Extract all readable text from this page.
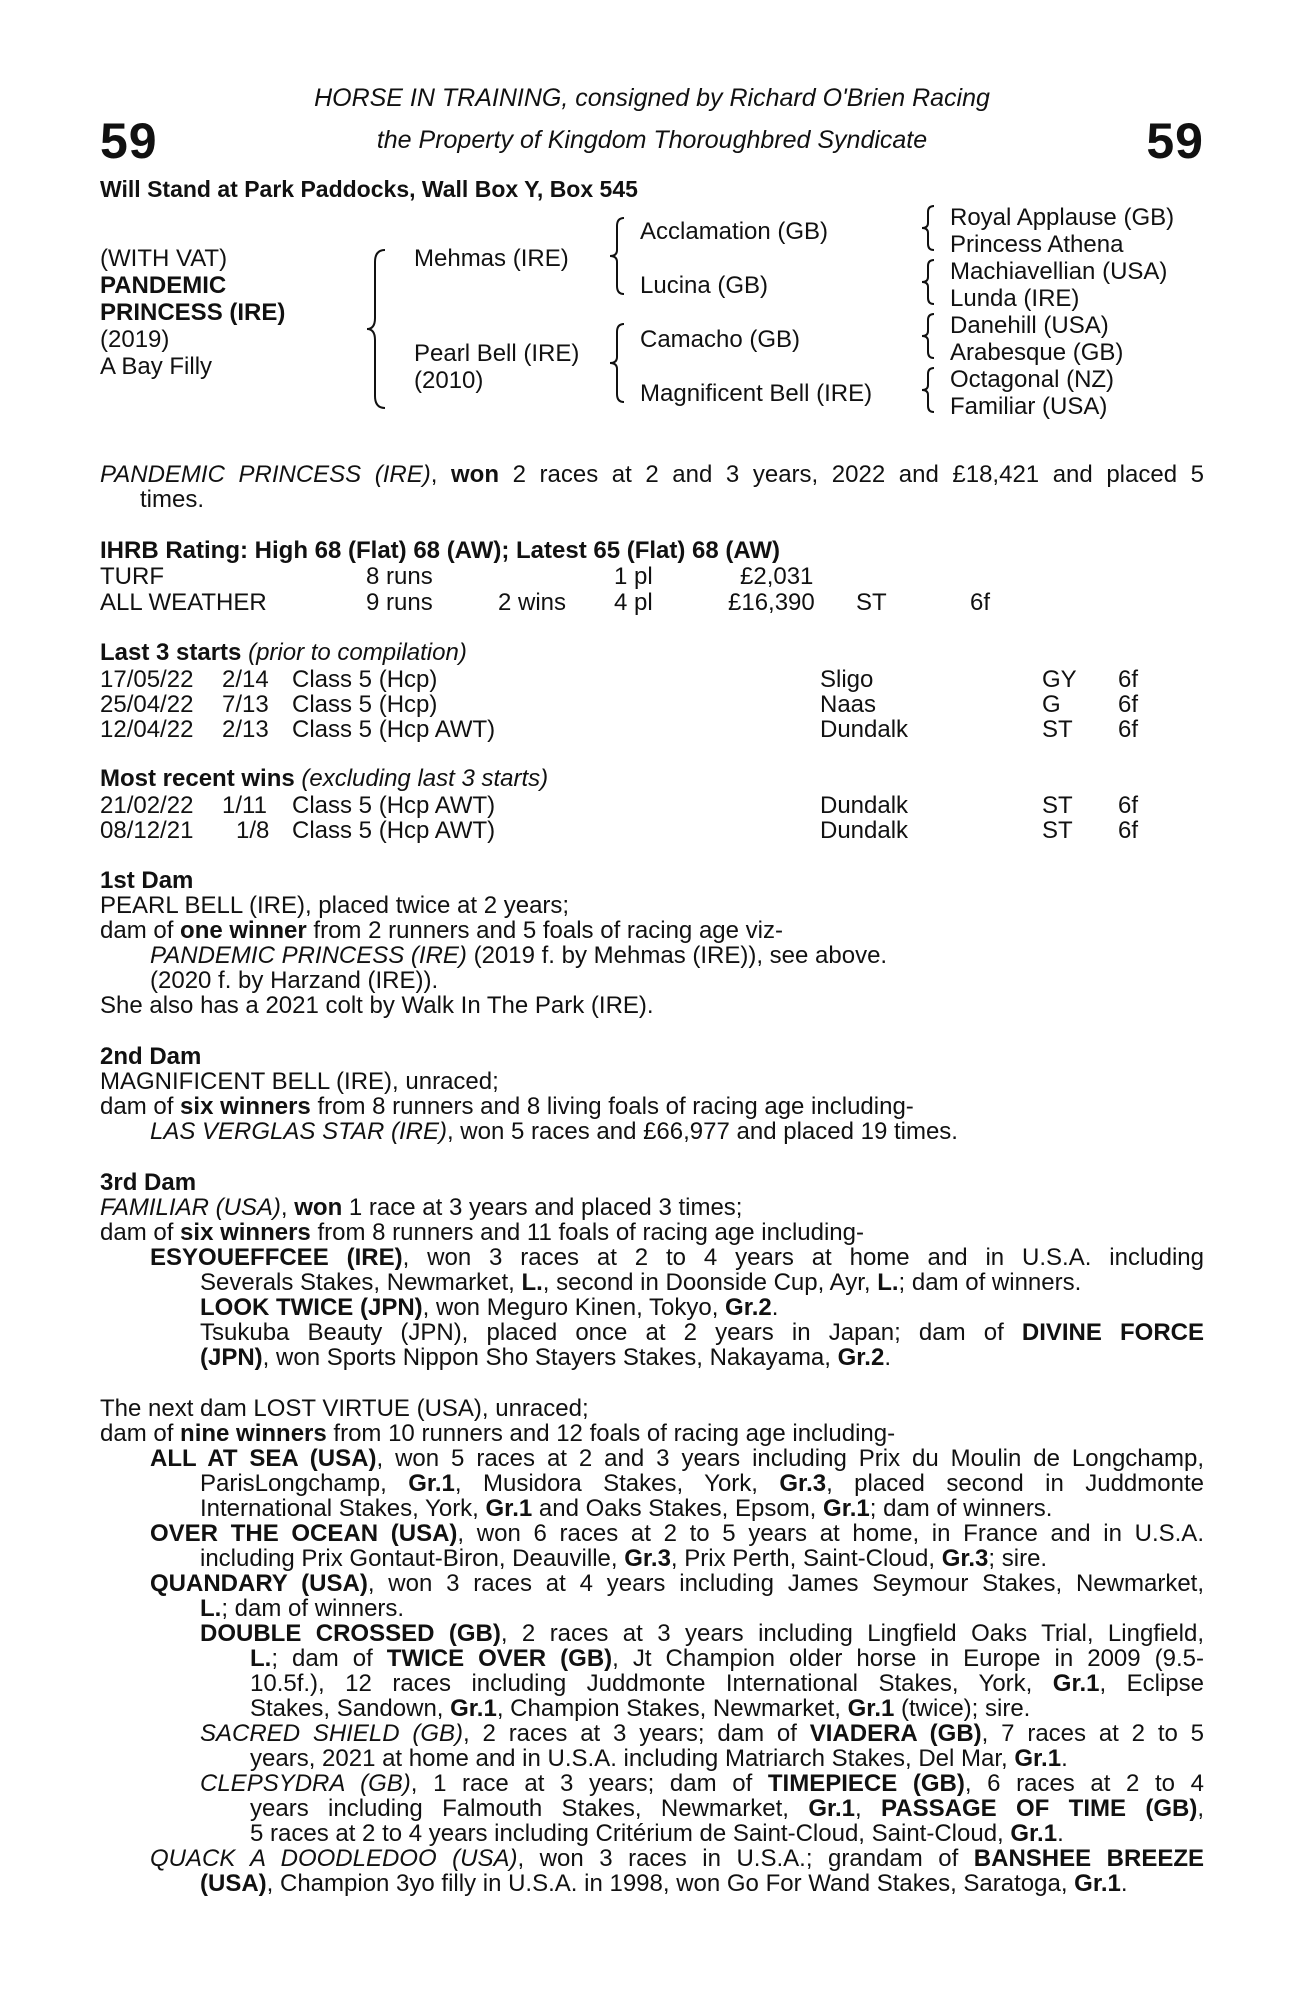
59	59
HORSE IN TRAINING, consigned by Richard O'Brien Racing
the Property of Kingdom Thoroughbred Syndicate
Will Stand at Park Paddocks, Wall Box Y, Box 545
(WITH VAT)
PANDEMIC
PRINCESS (IRE)
(2019)
A Bay Filly
Mehmas (IRE)
Pearl Bell (IRE)
(2010)
Acclamation (GB)
Lucina (GB)
Camacho (GB)
Magnificent Bell (IRE)
Royal Applause (GB)
Princess Athena
Machiavellian (USA)
Lunda (IRE)
Danehill (USA)
Arabesque (GB)
Octagonal (NZ)
Familiar (USA)
PANDEMIC PRINCESS (IRE), won 2 races at 2 and 3 years, 2022 and £18,421 and placed 5
times.
IHRB Rating: High 68 (Flat) 68 (AW); Latest 65 (Flat) 68 (AW)
TURF	8 runs	1 pl	£2,031
ALL WEATHER	9 runs	2 wins 4 pl	£16,390 ST	6f
Last 3 starts (prior to compilation)
17/05/22 2/14 Class 5 (Hcp)	Sligo	GY 6f
25/04/22 7/13 Class 5 (Hcp)	Naas	G 6f
12/04/22 2/13 Class 5 (Hcp AWT)	Dundalk	ST 6f
Most recent wins (excluding last 3 starts)
21/02/22 1/11 Class 5 (Hcp AWT)	Dundalk	ST 6f
08/12/21 1/8 Class 5 (Hcp AWT)	Dundalk	ST 6f
1st Dam
PEARL BELL (IRE), placed twice at 2 years;
dam of one winner from 2 runners and 5 foals of racing age viz-
PANDEMIC PRINCESS (IRE) (2019 f. by Mehmas (IRE)), see above.
(2020 f. by Harzand (IRE)).
She also has a 2021 colt by Walk In The Park (IRE).
2nd Dam
MAGNIFICENT BELL (IRE), unraced;
dam of six winners from 8 runners and 8 living foals of racing age including-
LAS VERGLAS STAR (IRE), won 5 races and £66,977 and placed 19 times.
3rd Dam
FAMILIAR (USA), won 1 race at 3 years and placed 3 times;
dam of six winners from 8 runners and 11 foals of racing age including-
ESYOUEFFCEE (IRE), won 3 races at 2 to 4 years at home and in U.S.A. including
Severals Stakes, Newmarket, L., second in Doonside Cup, Ayr, L.; dam of winners.
LOOK TWICE (JPN), won Meguro Kinen, Tokyo, Gr.2.
Tsukuba Beauty (JPN), placed once at 2 years in Japan; dam of DIVINE FORCE
(JPN), won Sports Nippon Sho Stayers Stakes, Nakayama, Gr.2.
The next dam LOST VIRTUE (USA), unraced;
dam of nine winners from 10 runners and 12 foals of racing age including-
ALL AT SEA (USA), won 5 races at 2 and 3 years including Prix du Moulin de Longchamp,
ParisLongchamp, Gr.1, Musidora Stakes, York, Gr.3, placed second in Juddmonte
International Stakes, York, Gr.1 and Oaks Stakes, Epsom, Gr.1; dam of winners.
OVER THE OCEAN (USA), won 6 races at 2 to 5 years at home, in France and in U.S.A.
including Prix Gontaut-Biron, Deauville, Gr.3, Prix Perth, Saint-Cloud, Gr.3; sire.
QUANDARY (USA), won 3 races at 4 years including James Seymour Stakes, Newmarket,
L.; dam of winners.
DOUBLE CROSSED (GB), 2 races at 3 years including Lingfield Oaks Trial, Lingfield,
L.; dam of TWICE OVER (GB), Jt Champion older horse in Europe in 2009 (9.5-
10.5f.), 12 races including Juddmonte International Stakes, York, Gr.1, Eclipse
Stakes, Sandown, Gr.1, Champion Stakes, Newmarket, Gr.1 (twice); sire.
SACRED SHIELD (GB), 2 races at 3 years; dam of VIADERA (GB), 7 races at 2 to 5
years, 2021 at home and in U.S.A. including Matriarch Stakes, Del Mar, Gr.1.
CLEPSYDRA (GB), 1 race at 3 years; dam of TIMEPIECE (GB), 6 races at 2 to 4
years including Falmouth Stakes, Newmarket, Gr.1, PASSAGE OF TIME (GB),
5 races at 2 to 4 years including Critérium de Saint-Cloud, Saint-Cloud, Gr.1.
QUACK A DOODLEDOO (USA), won 3 races in U.S.A.; grandam of BANSHEE BREEZE
(USA), Champion 3yo filly in U.S.A. in 1998, won Go For Wand Stakes, Saratoga, Gr.1.
